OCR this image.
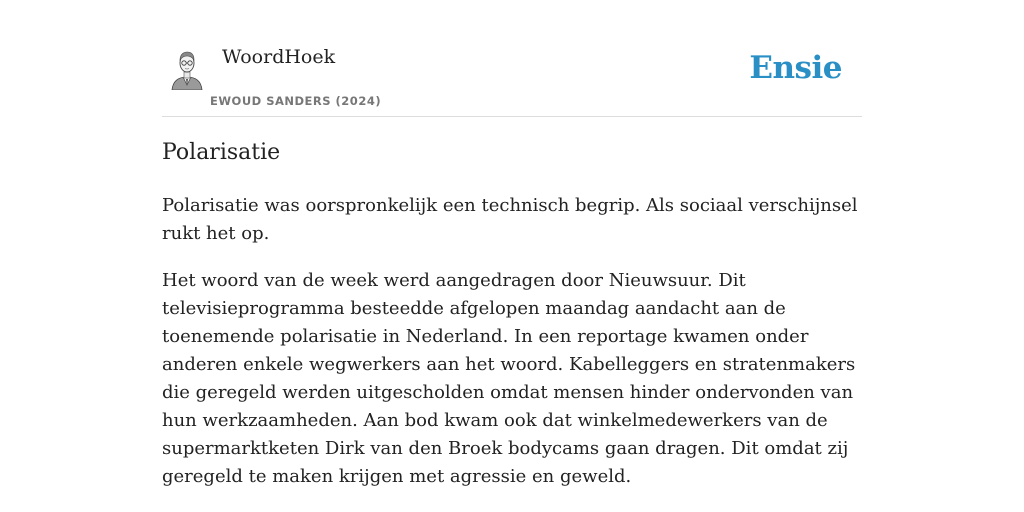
WoordHoek
EWOUD SANDERS (2024)
Ensie
Polarisatie

Polarisatie was oorspronkelijk een technisch begrip. Als sociaal verschijnsel rukt het op.

Het woord van de week werd aangedragen door Nieuwsuur. Dit televisieprogramma besteedde afgelopen maandag aandacht aan de toenemende polarisatie in Nederland. In een reportage kwamen onder anderen enkele wegwerkers aan het woord. Kabelleggers en stratenmakers die geregeld werden uitgescholden omdat mensen hinder ondervonden van hun werkzaamheden. Aan bod kwam ook dat winkelmedewerkers van de supermarktketen Dirk van den Broek bodycams gaan dragen. Dit omdat zij geregeld te maken krijgen met agressie en geweld.
